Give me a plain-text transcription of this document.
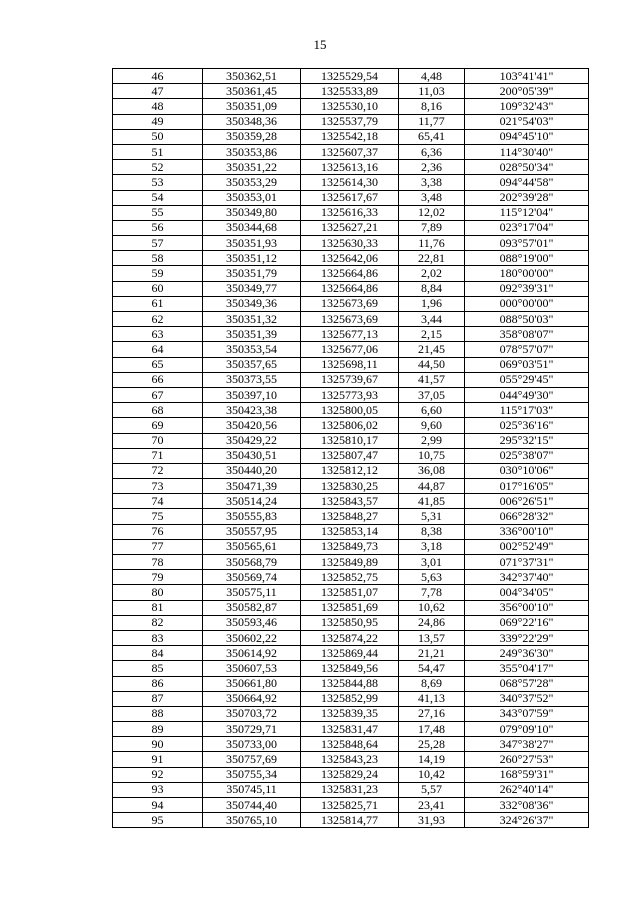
15
46	350362,51	1325529,54	4,48	103°41'41"
47	350361,45	1325533,89	11,03	200°05'39"
48	350351,09	1325530,10	8,16	109°32'43"
49	350348,36	1325537,79	11,77	021°54'03"
50	350359,28	1325542,18	65,41	094°45'10"
51	350353,86	1325607,37	6,36	114°30'40"
52	350351,22	1325613,16	2,36	028°50'34"
53	350353,29	1325614,30	3,38	094°44'58"
54	350353,01	1325617,67	3,48	202°39'28"
55	350349,80	1325616,33	12,02	115°12'04"
56	350344,68	1325627,21	7,89	023°17'04"
57	350351,93	1325630,33	11,76	093°57'01"
58	350351,12	1325642,06	22,81	088°19'00"
59	350351,79	1325664,86	2,02	180°00'00"
60	350349,77	1325664,86	8,84	092°39'31"
61	350349,36	1325673,69	1,96	000°00'00"
62	350351,32	1325673,69	3,44	088°50'03"
63	350351,39	1325677,13	2,15	358°08'07"
64	350353,54	1325677,06	21,45	078°57'07"
65	350357,65	1325698,11	44,50	069°03'51"
66	350373,55	1325739,67	41,57	055°29'45"
67	350397,10	1325773,93	37,05	044°49'30"
68	350423,38	1325800,05	6,60	115°17'03"
69	350420,56	1325806,02	9,60	025°36'16"
70	350429,22	1325810,17	2,99	295°32'15"
71	350430,51	1325807,47	10,75	025°38'07"
72	350440,20	1325812,12	36,08	030°10'06"
73	350471,39	1325830,25	44,87	017°16'05"
74	350514,24	1325843,57	41,85	006°26'51"
75	350555,83	1325848,27	5,31	066°28'32"
76	350557,95	1325853,14	8,38	336°00'10"
77	350565,61	1325849,73	3,18	002°52'49"
78	350568,79	1325849,89	3,01	071°37'31"
79	350569,74	1325852,75	5,63	342°37'40"
80	350575,11	1325851,07	7,78	004°34'05"
81	350582,87	1325851,69	10,62	356°00'10"
82	350593,46	1325850,95	24,86	069°22'16"
83	350602,22	1325874,22	13,57	339°22'29"
84	350614,92	1325869,44	21,21	249°36'30"
85	350607,53	1325849,56	54,47	355°04'17"
86	350661,80	1325844,88	8,69	068°57'28"
87	350664,92	1325852,99	41,13	340°37'52"
88	350703,72	1325839,35	27,16	343°07'59"
89	350729,71	1325831,47	17,48	079°09'10"
90	350733,00	1325848,64	25,28	347°38'27"
91	350757,69	1325843,23	14,19	260°27'53"
92	350755,34	1325829,24	10,42	168°59'31"
93	350745,11	1325831,23	5,57	262°40'14"
94	350744,40	1325825,71	23,41	332°08'36"
95	350765,10	1325814,77	31,93	324°26'37"
